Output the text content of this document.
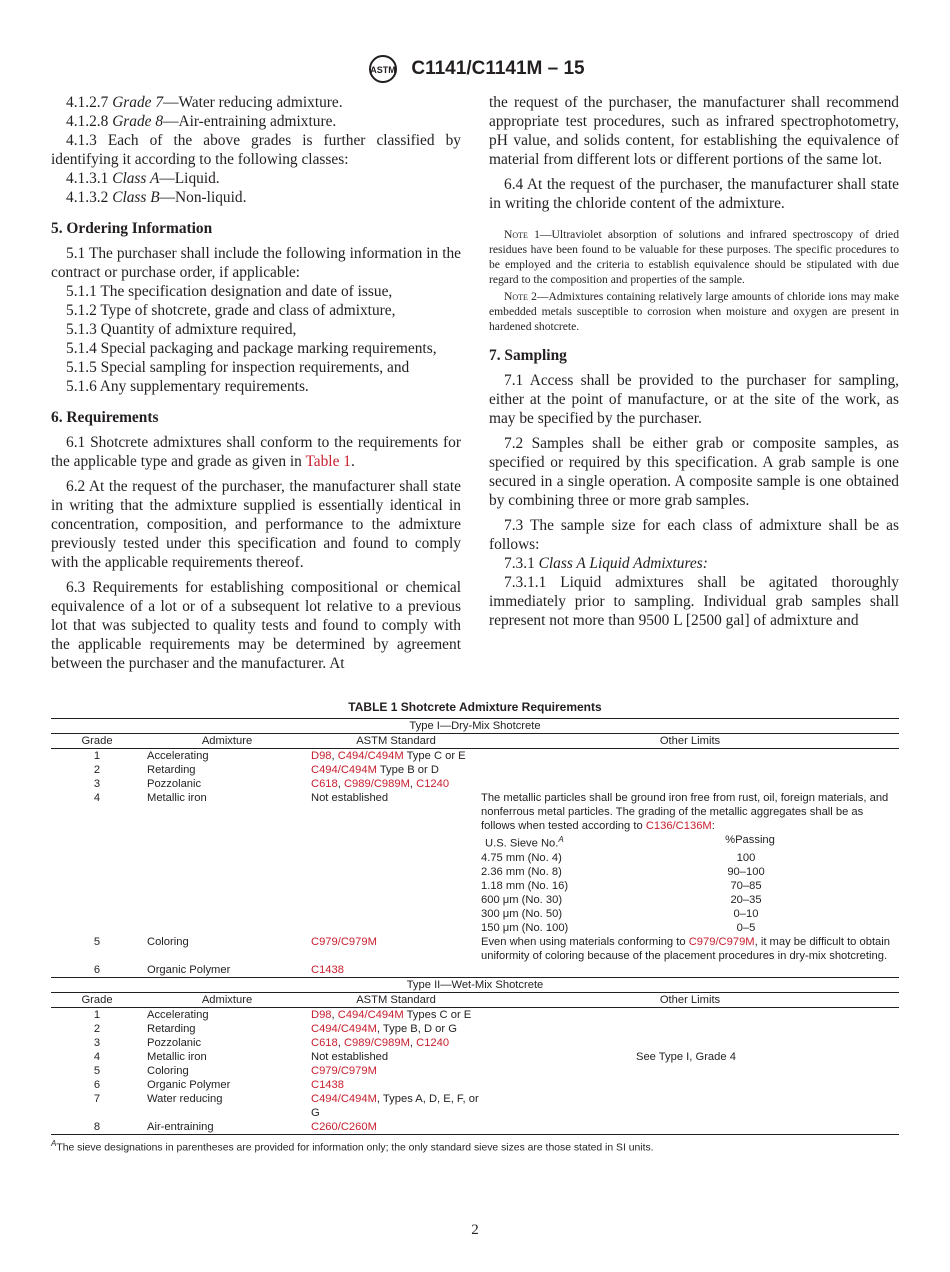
ASTM C1141/C1141M – 15

4.1.2.7 Grade 7—Water reducing admixture.

4.1.2.8 Grade 8—Air-entraining admixture.

4.1.3 Each of the above grades is further classified by identifying it according to the following classes:

4.1.3.1 Class A—Liquid.

4.1.3.2 Class B—Non-liquid.

5. Ordering Information

5.1 The purchaser shall include the following information in the contract or purchase order, if applicable:

5.1.1 The specification designation and date of issue,

5.1.2 Type of shotcrete, grade and class of admixture,

5.1.3 Quantity of admixture required,

5.1.4 Special packaging and package marking requirements,

5.1.5 Special sampling for inspection requirements, and

5.1.6 Any supplementary requirements.

6. Requirements

6.1 Shotcrete admixtures shall conform to the requirements for the applicable type and grade as given in Table 1.

6.2 At the request of the purchaser, the manufacturer shall state in writing that the admixture supplied is essentially identical in concentration, composition, and performance to the admixture previously tested under this specification and found to comply with the applicable requirements thereof.

6.3 Requirements for establishing compositional or chemical equivalence of a lot or of a subsequent lot relative to a previous lot that was subjected to quality tests and found to comply with the applicable requirements may be determined by agreement between the purchaser and the manufacturer. At

the request of the purchaser, the manufacturer shall recommend appropriate test procedures, such as infrared spectrophotometry, pH value, and solids content, for establishing the equivalence of material from different lots or different portions of the same lot.

6.4 At the request of the purchaser, the manufacturer shall state in writing the chloride content of the admixture.

Note 1—Ultraviolet absorption of solutions and infrared spectroscopy of dried residues have been found to be valuable for these purposes. The specific procedures to be employed and the criteria to establish equivalence should be stipulated with due regard to the composition and properties of the sample.

Note 2—Admixtures containing relatively large amounts of chloride ions may make embedded metals susceptible to corrosion when moisture and oxygen are present in hardened shotcrete.

7. Sampling

7.1 Access shall be provided to the purchaser for sampling, either at the point of manufacture, or at the site of the work, as may be specified by the purchaser.

7.2 Samples shall be either grab or composite samples, as specified or required by this specification. A grab sample is one secured in a single operation. A composite sample is one obtained by combining three or more grab samples.

7.3 The sample size for each class of admixture shall be as follows:

7.3.1 Class A Liquid Admixtures:

7.3.1.1 Liquid admixtures shall be agitated thoroughly immediately prior to sampling. Individual grab samples shall represent not more than 9500 L [2500 gal] of admixture and

TABLE 1 Shotcrete Admixture Requirements
Type I—Dry-Mix Shotcrete
Grade	Admixture	ASTM Standard	Other Limits
1	Accelerating	D98, C494/C494M Type C or E
2	Retarding	C494/C494M Type B or D
3	Pozzolanic	C618, C989/C989M, C1240
4	Metallic iron	Not established	The metallic particles shall be ground iron free from rust, oil, foreign materials, and nonferrous metal particles. The grading of the metallic aggregates shall be as follows when tested according to C136/C136M:
U.S. Sieve No.$^A$	%Passing
4.75 mm (No. 4)	100
2.36 mm (No. 8)	90–100
1.18 mm (No. 16)	70–85
600 μm (No. 30)	20–35
300 μm (No. 50)	0–10
150 μm (No. 100)	0–5
5	Coloring	C979/C979M	Even when using materials conforming to C979/C979M, it may be difficult to obtain uniformity of coloring because of the placement procedures in dry-mix shotcreting.
6	Organic Polymer	C1438
Type II—Wet-Mix Shotcrete
Grade	Admixture	ASTM Standard	Other Limits
1	Accelerating	D98, C494/C494M Types C or E
2	Retarding	C494/C494M, Type B, D or G
3	Pozzolanic	C618, C989/C989M, C1240
4	Metallic iron	Not established	See Type I, Grade 4
5	Coloring	C979/C979M
6	Organic Polymer	C1438
7	Water reducing	C494/C494M, Types A, D, E, F, or G
8	Air-entraining	C260/C260M
$^A$The sieve designations in parentheses are provided for information only; the only standard sieve sizes are those stated in SI units.
2
